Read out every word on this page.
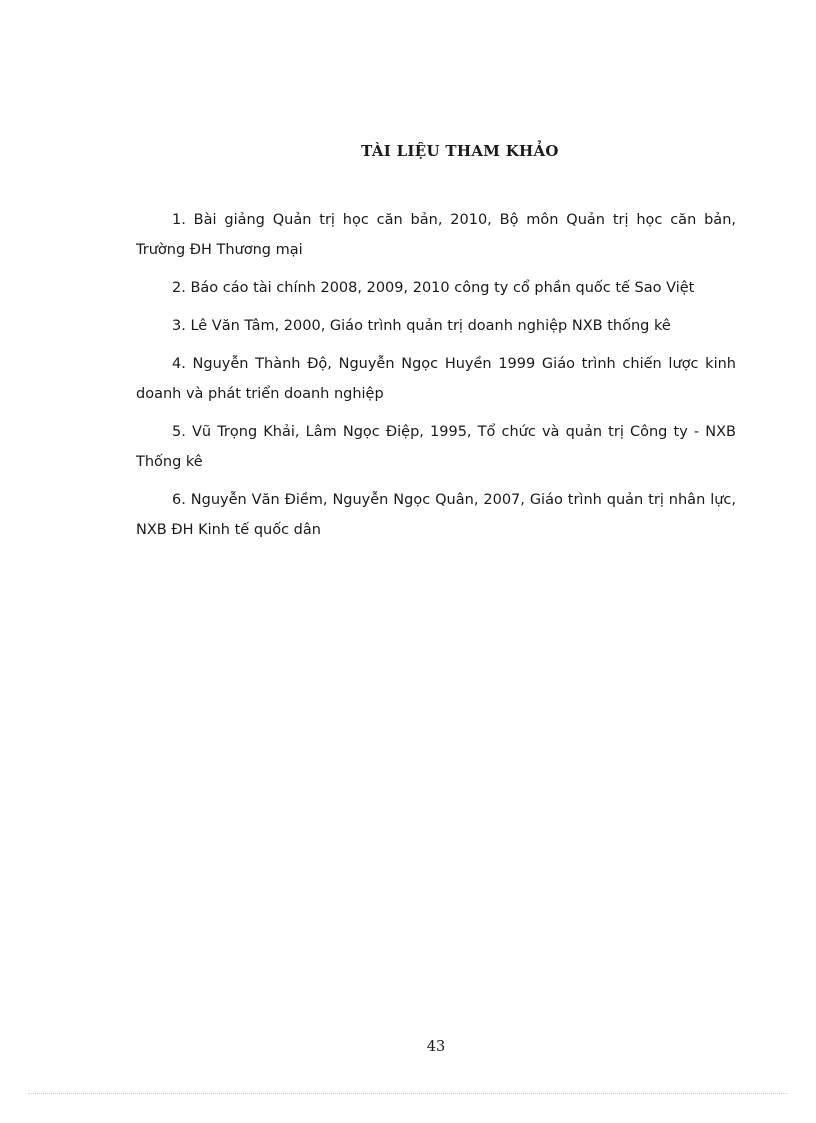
TÀI LIỆU THAM KHẢO

1. Bài giảng Quản trị học căn bản, 2010, Bộ môn Quản trị học căn bản, Trường ĐH Thương mại

2. Báo cáo tài chính 2008, 2009, 2010 công ty cổ phần quốc tế Sao Việt

3. Lê Văn Tâm, 2000, Giáo trình quản trị doanh nghiệp NXB thống kê

4. Nguyễn Thành Độ, Nguyễn Ngọc Huyền 1999 Giáo trình chiến lược kinh doanh và phát triển doanh nghiệp

5. Vũ Trọng Khải, Lâm Ngọc Điệp, 1995, Tổ chức và quản trị Công ty - NXB Thống kê

6. Nguyễn Văn Điềm, Nguyễn Ngọc Quân, 2007, Giáo trình quản trị nhân lực, NXB ĐH Kinh tế quốc dân

43
